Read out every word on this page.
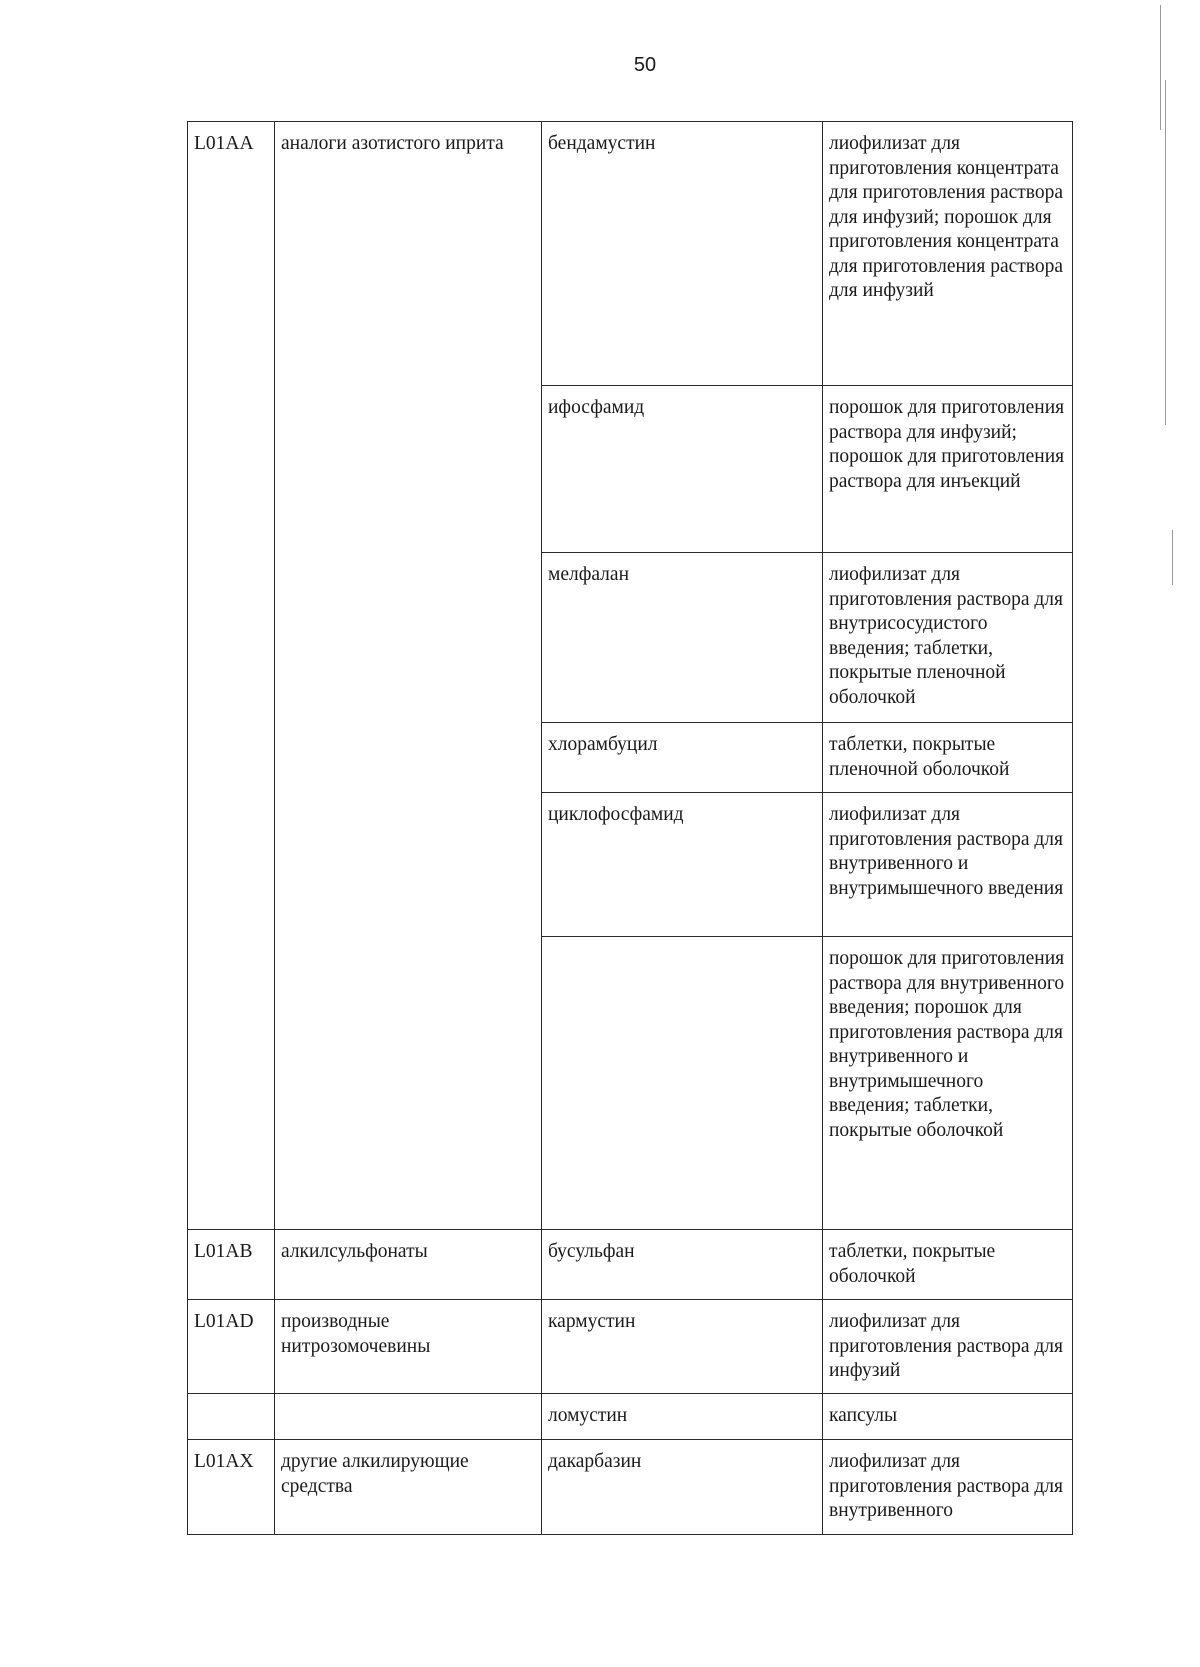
50
L01AA	аналоги азотистого иприта	бендамустин	лиофилизат для приготовления концентрата для приготовления раствора для инфузий; порошок для приготовления концентрата для приготовления раствора для инфузий
		ифосфамид	порошок для приготовления раствора для инфузий; порошок для приготовления раствора для инъекций
		мелфалан	лиофилизат для приготовления раствора для внутрисосудистого введения; таблетки, покрытые пленочной оболочкой
		хлорамбуцил	таблетки, покрытые пленочной оболочкой
		циклофосфамид	лиофилизат для приготовления раствора для внутривенного и внутримышечного введения
			порошок для приготовления раствора для внутривенного введения; порошок для приготовления раствора для внутривенного и внутримышечного введения; таблетки, покрытые оболочкой
L01AB	алкилсульфонаты	бусульфан	таблетки, покрытые оболочкой
L01AD	производные нитрозомочевины	кармустин	лиофилизат для приготовления раствора для инфузий
		ломустин	капсулы
L01AX	другие алкилирующие средства	дакарбазин	лиофилизат для приготовления раствора для внутривенного
